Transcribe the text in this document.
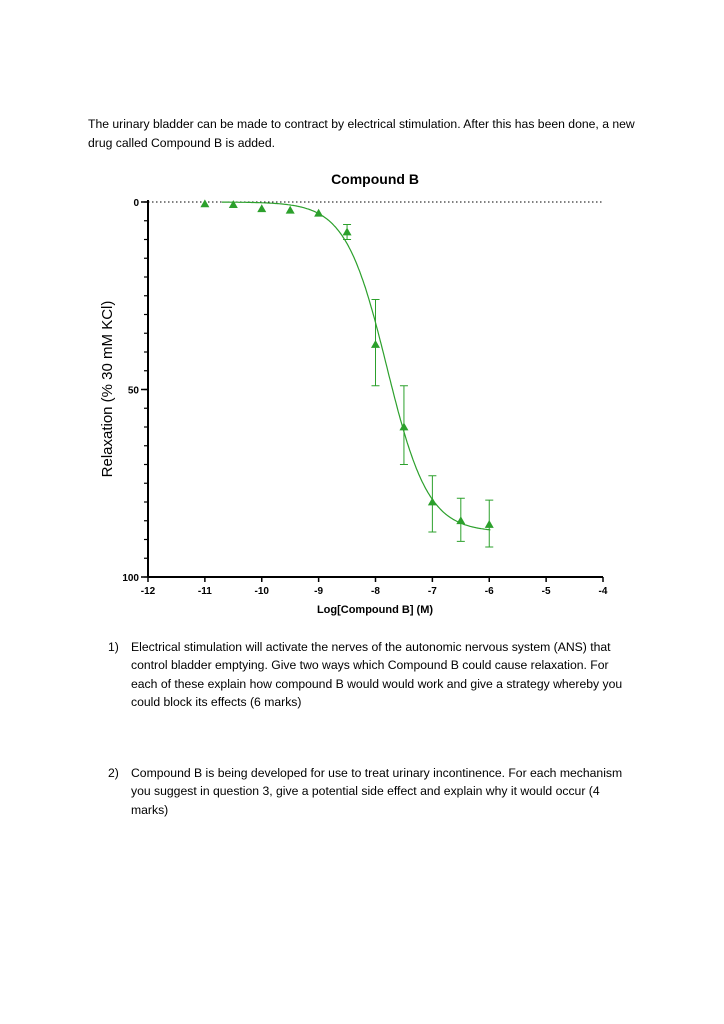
The urinary bladder can be made to contract by electrical stimulation. After this has been done, a new drug called Compound B is added.
Compound B
Relaxation (% 30 mM KCl)
Log[Compound B] (M)
-12	-11	-10	-9	-8	-7	-6	-5	-4
0
50
100
1) Electrical stimulation will activate the nerves of the autonomic nervous system (ANS) that control bladder emptying. Give two ways which Compound B could cause relaxation. For each of these explain how compound B would would work and give a strategy whereby you could block its effects (6 marks)
2) Compound B is being developed for use to treat urinary incontinence. For each mechanism you suggest in question 3, give a potential side effect and explain why it would occur (4 marks)
